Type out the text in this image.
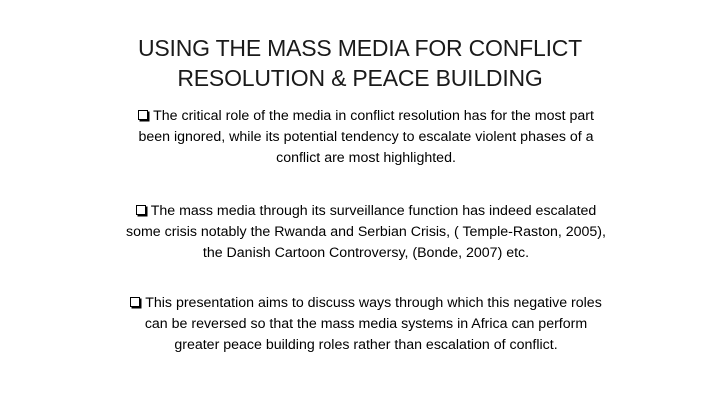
USING THE MASS MEDIA FOR CONFLICT
RESOLUTION & PEACE BUILDING
The critical role of the media in conflict resolution has for the most part
been ignored, while its potential tendency to escalate violent phases of a
conflict are most highlighted.
The mass media through its surveillance function has indeed escalated
some crisis notably the Rwanda and Serbian Crisis, ( Temple-Raston, 2005),
the Danish Cartoon Controversy, (Bonde, 2007) etc.
This presentation aims to discuss ways through which this negative roles
can be reversed so that the mass media systems in Africa can perform
greater peace building roles rather than escalation of conflict.
